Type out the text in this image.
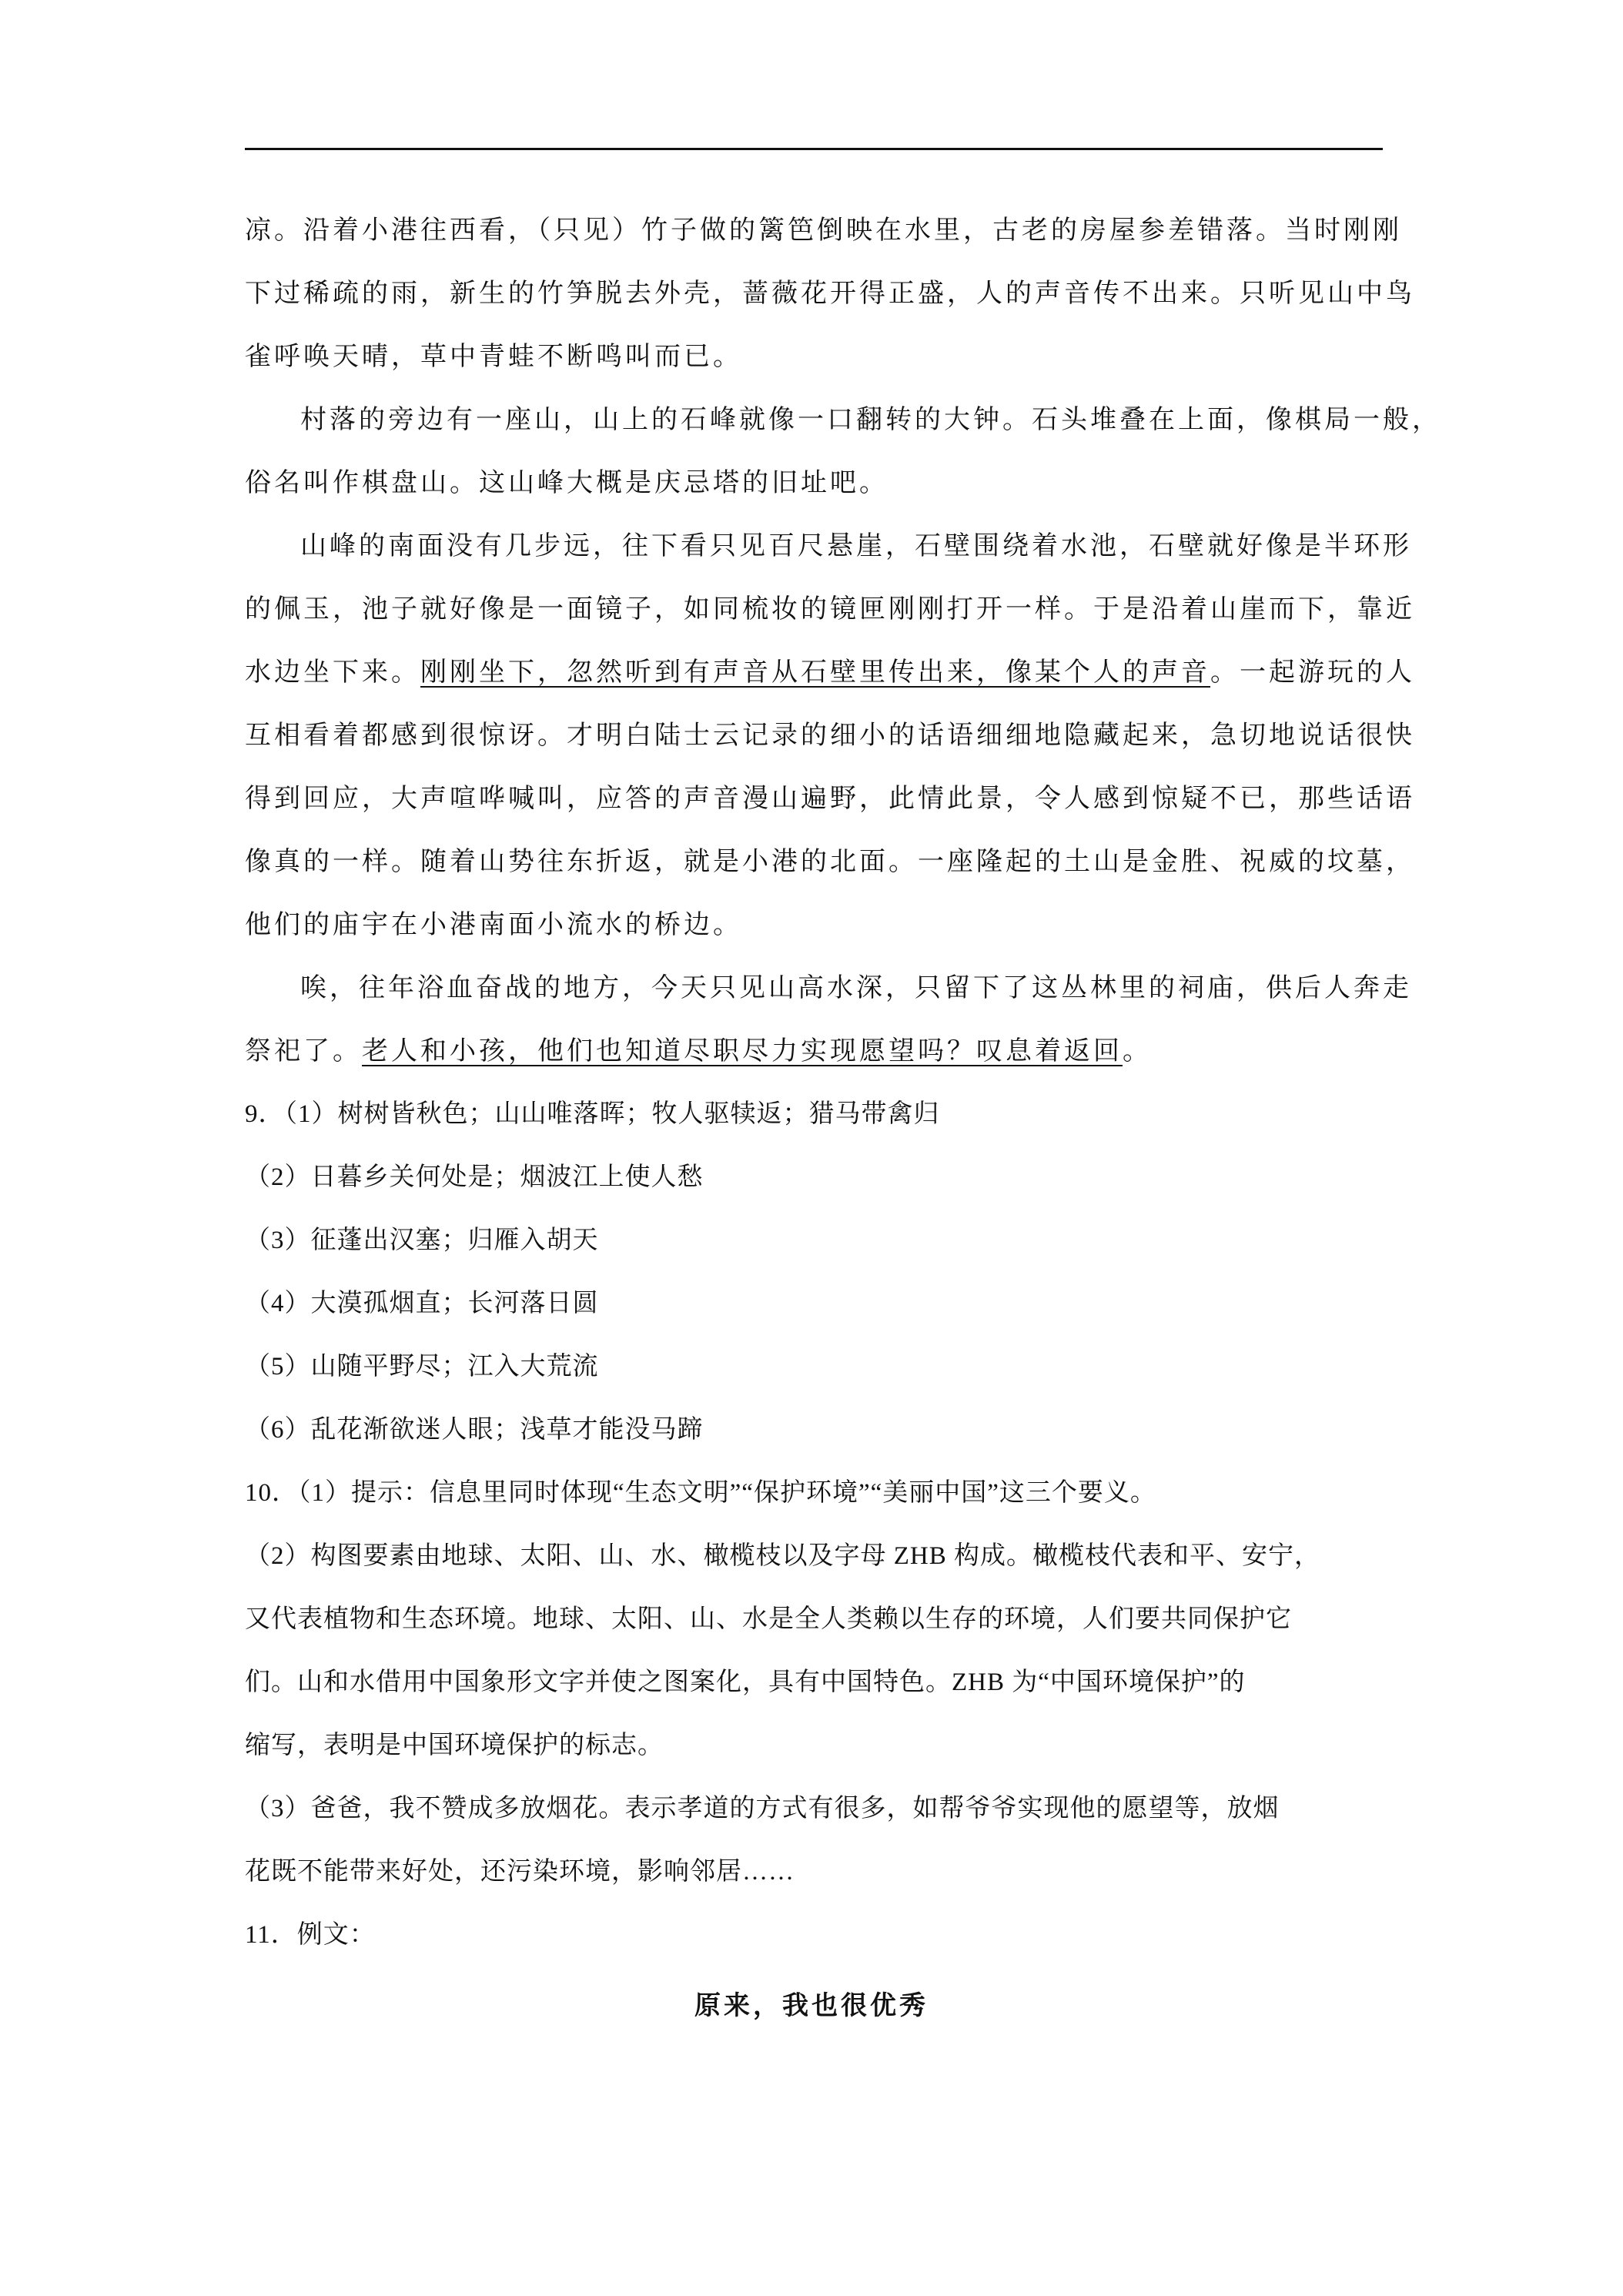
凉。沿着小港往西看，（只见）竹子做的篱笆倒映在水里，古老的房屋参差错落。当时刚刚
下过稀疏的雨，新生的竹笋脱去外壳，蔷薇花开得正盛，人的声音传不出来。只听见山中鸟
雀呼唤天晴，草中青蛙不断鸣叫而已。
村落的旁边有一座山，山上的石峰就像一口翻转的大钟。石头堆叠在上面，像棋局一般，
俗名叫作棋盘山。这山峰大概是庆忌塔的旧址吧。
山峰的南面没有几步远，往下看只见百尺悬崖，石壁围绕着水池，石壁就好像是半环形
的佩玉，池子就好像是一面镜子，如同梳妆的镜匣刚刚打开一样。于是沿着山崖而下，靠近
水边坐下来。刚刚坐下，忽然听到有声音从石壁里传出来，像某个人的声音。一起游玩的人
互相看着都感到很惊讶。才明白陆士云记录的细小的话语细细地隐藏起来，急切地说话很快
得到回应，大声喧哗喊叫，应答的声音漫山遍野，此情此景，令人感到惊疑不已，那些话语
像真的一样。随着山势往东折返，就是小港的北面。一座隆起的土山是金胜、祝威的坟墓，
他们的庙宇在小港南面小流水的桥边。
唉，往年浴血奋战的地方，今天只见山高水深，只留下了这丛林里的祠庙，供后人奔走
祭祀了。老人和小孩，他们也知道尽职尽力实现愿望吗？叹息着返回。
9．（1）树树皆秋色；山山唯落晖；牧人驱犊返；猎马带禽归
（2）日暮乡关何处是；烟波江上使人愁
（3）征蓬出汉塞；归雁入胡天
（4）大漠孤烟直；长河落日圆
（5）山随平野尽；江入大荒流
（6）乱花渐欲迷人眼；浅草才能没马蹄
10．（1）提示：信息里同时体现“生态文明”“保护环境”“美丽中国”这三个要义。
（2）构图要素由地球、太阳、山、水、橄榄枝以及字母 ZHB 构成。橄榄枝代表和平、安宁，
又代表植物和生态环境。地球、太阳、山、水是全人类赖以生存的环境，人们要共同保护它
们。山和水借用中国象形文字并使之图案化，具有中国特色。ZHB 为“中国环境保护”的
缩写，表明是中国环境保护的标志。
（3）爸爸，我不赞成多放烟花。表示孝道的方式有很多，如帮爷爷实现他的愿望等，放烟
花既不能带来好处，还污染环境，影响邻居……
11．例文：
原来，我也很优秀
